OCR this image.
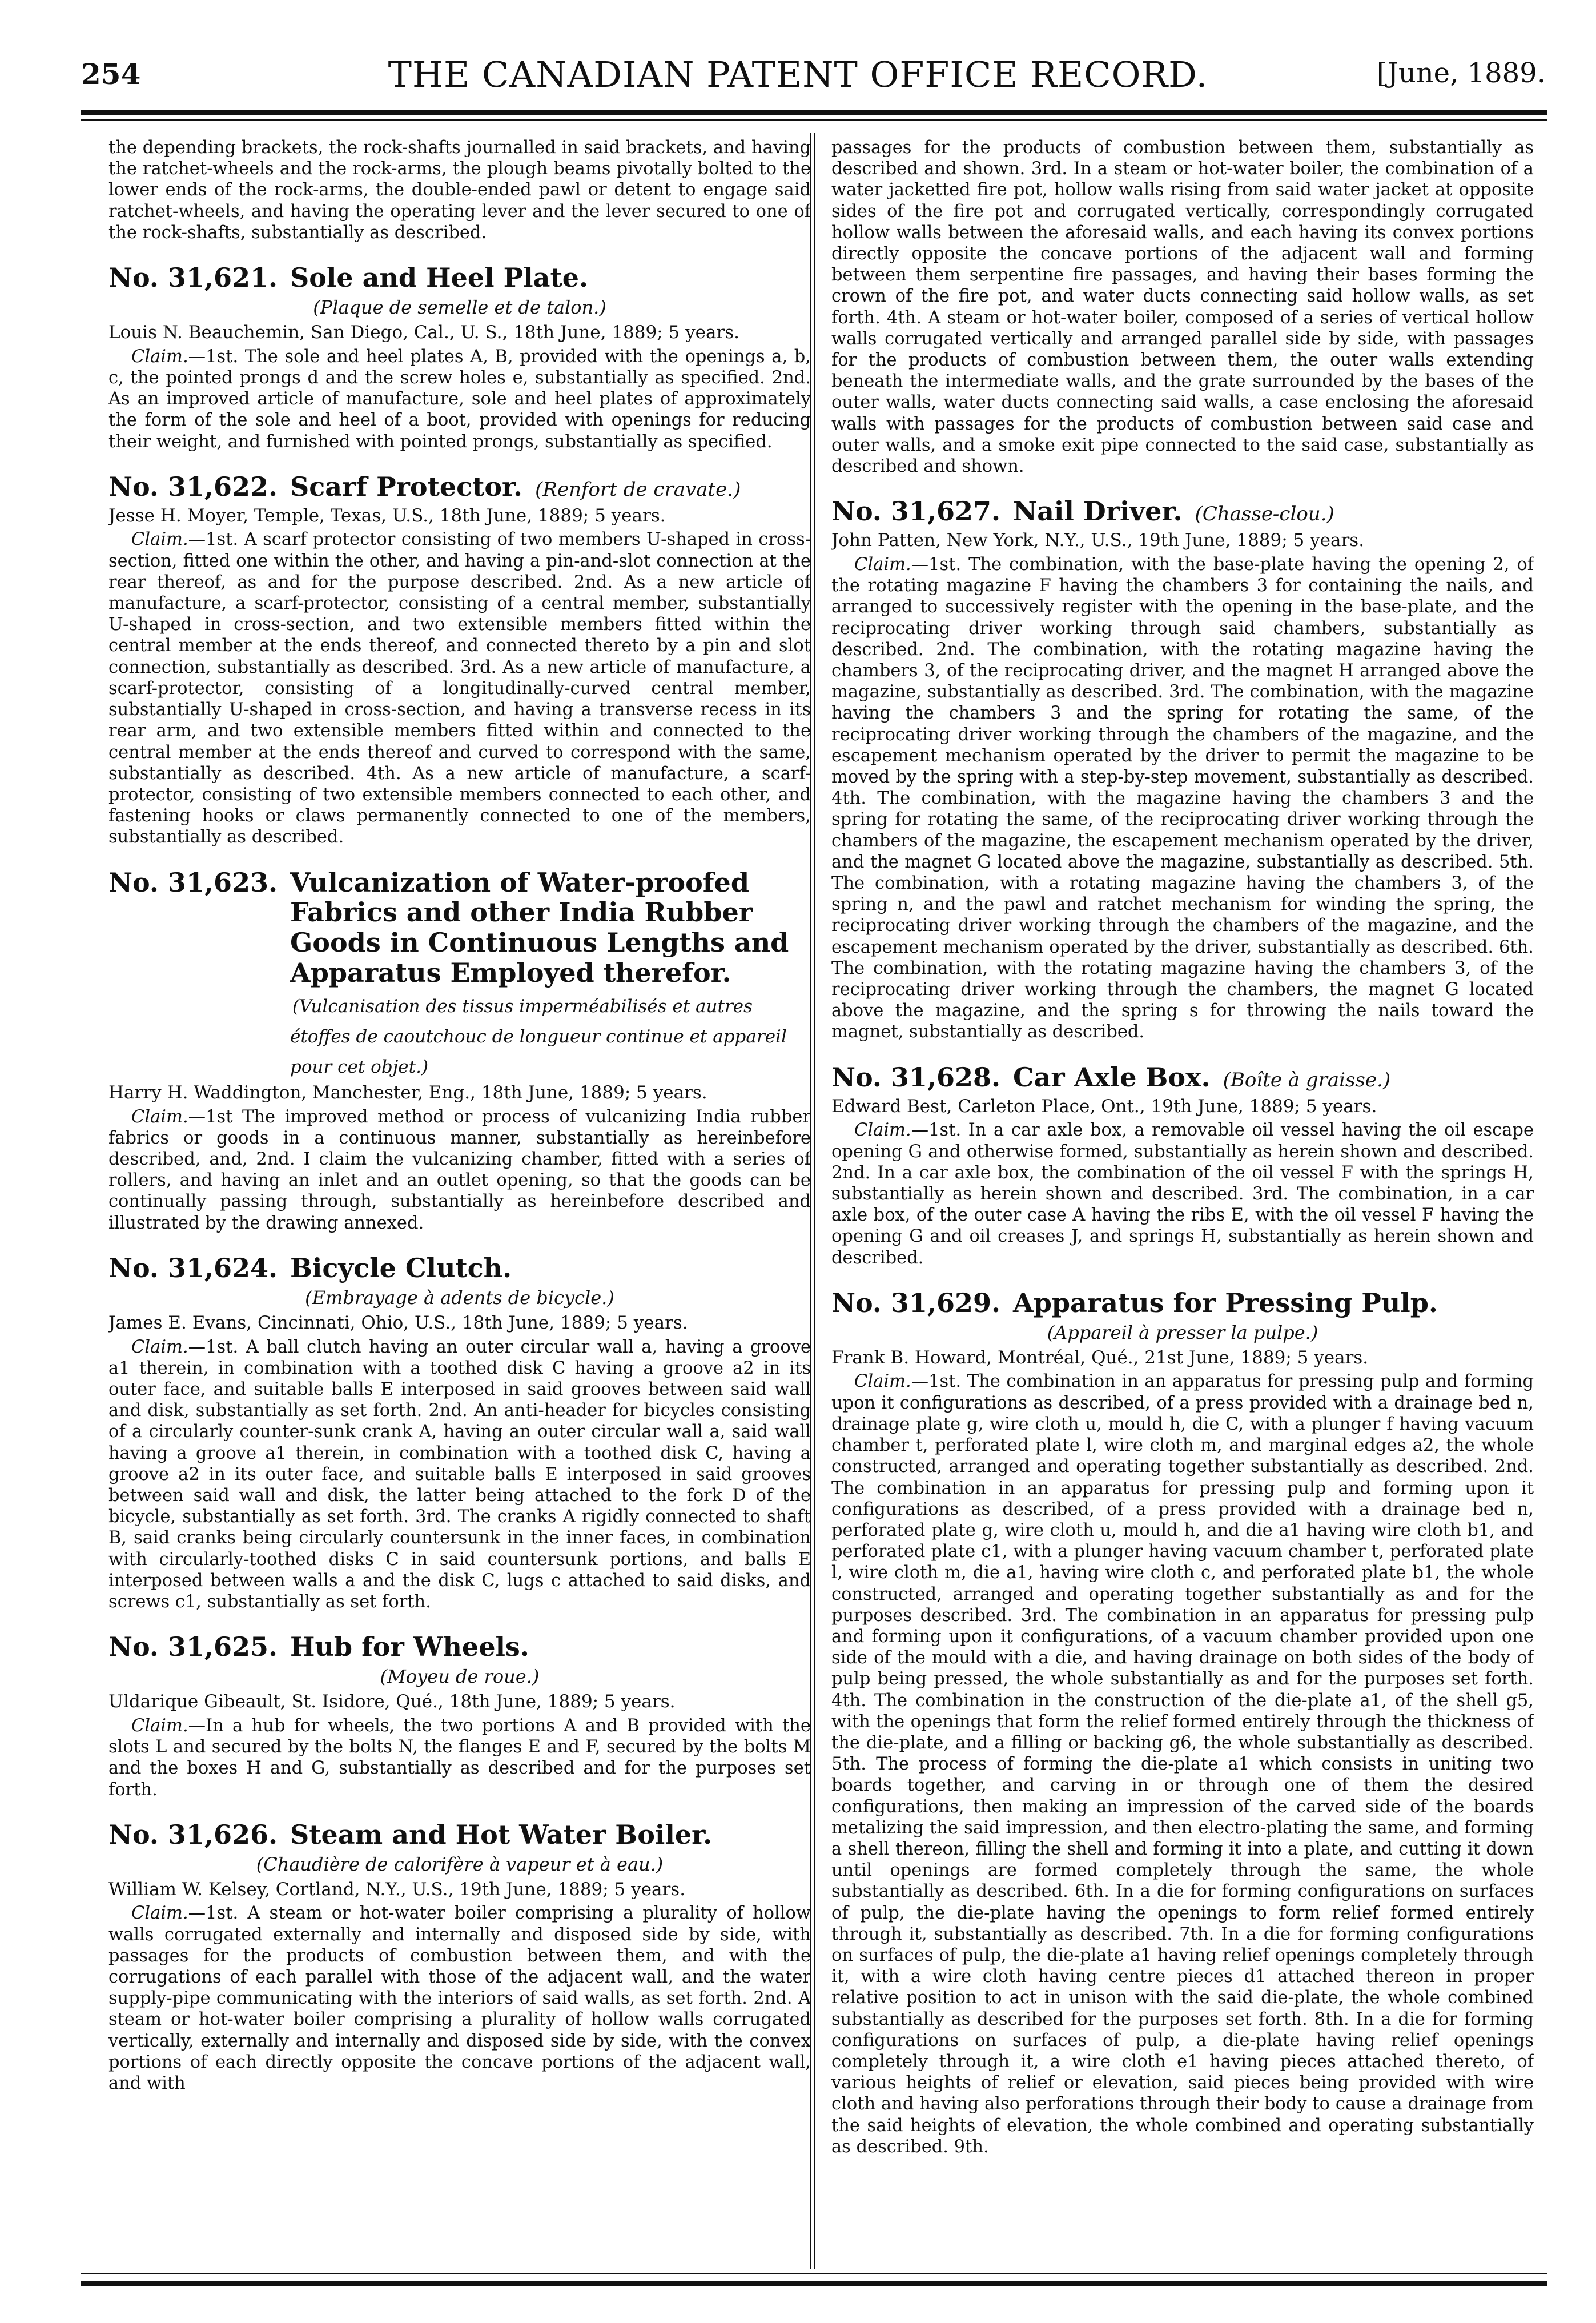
254	THE CANADIAN PATENT OFFICE RECORD.	[June, 1889.

the depending brackets, the rock-shafts journalled in said brackets, and having the ratchet-wheels and the rock-arms, the plough beams pivotally bolted to the lower ends of the rock-arms, the double-ended pawl or detent to engage said ratchet-wheels, and having the operating lever and the lever secured to one of the rock-shafts, substantially as described.

No. 31,621. Sole and Heel Plate.
(Plaque de semelle et de talon.)

Louis N. Beauchemin, San Diego, Cal., U. S., 18th June, 1889; 5 years.

Claim.—1st. The sole and heel plates A, B, provided with the openings a, b, c, the pointed prongs d and the screw holes e, substantially as specified. 2nd. As an improved article of manufacture, sole and heel plates of approximately the form of the sole and heel of a boot, provided with openings for reducing their weight, and furnished with pointed prongs, substantially as specified.

No. 31,622. Scarf Protector. (Renfort de cravate.)

Jesse H. Moyer, Temple, Texas, U.S., 18th June, 1889; 5 years.

Claim.—1st. A scarf protector consisting of two members U-shaped in cross-section, fitted one within the other, and having a pin-and-slot connection at the rear thereof, as and for the purpose described. 2nd. As a new article of manufacture, a scarf-protector, consisting of a central member, substantially U-shaped in cross-section, and two extensible members fitted within the central member at the ends thereof, and connected thereto by a pin and slot connection, substantially as described. 3rd. As a new article of manufacture, a scarf-protector, consisting of a longitudinally-curved central member, substantially U-shaped in cross-section, and having a transverse recess in its rear arm, and two extensible members fitted within and connected to the central member at the ends thereof and curved to correspond with the same, substantially as described. 4th. As a new article of manufacture, a scarf-protector, consisting of two extensible members connected to each other, and fastening hooks or claws permanently connected to one of the members, substantially as described.

No. 31,623. Vulcanization of Water-proofed Fabrics and other India Rubber Goods in Continuous Lengths and Apparatus Employed therefor. (Vulcanisation des tissus imperméabilisés et autres étoffes de caoutchouc de longueur continue et appareil pour cet objet.)

Harry H. Waddington, Manchester, Eng., 18th June, 1889; 5 years.

Claim.—1st The improved method or process of vulcanizing India rubber fabrics or goods in a continuous manner, substantially as hereinbefore described, and, 2nd. I claim the vulcanizing chamber, fitted with a series of rollers, and having an inlet and an outlet opening, so that the goods can be continually passing through, substantially as hereinbefore described and illustrated by the drawing annexed.

No. 31,624. Bicycle Clutch.
(Embrayage à adents de bicycle.)

James E. Evans, Cincinnati, Ohio, U.S., 18th June, 1889; 5 years.

Claim.—1st. A ball clutch having an outer circular wall a, having a groove a1 therein, in combination with a toothed disk C having a groove a2 in its outer face, and suitable balls E interposed in said grooves between said wall and disk, substantially as set forth. 2nd. An anti-header for bicycles consisting of a circularly counter-sunk crank A, having an outer circular wall a, said wall having a groove a1 therein, in combination with a toothed disk C, having a groove a2 in its outer face, and suitable balls E interposed in said grooves between said wall and disk, the latter being attached to the fork D of the bicycle, substantially as set forth. 3rd. The cranks A rigidly connected to shaft B, said cranks being circularly countersunk in the inner faces, in combination with circularly-toothed disks C in said countersunk portions, and balls E interposed between walls a and the disk C, lugs c attached to said disks, and screws c1, substantially as set forth.

No. 31,625. Hub for Wheels.
(Moyeu de roue.)

Uldarique Gibeault, St. Isidore, Qué., 18th June, 1889; 5 years.

Claim.—In a hub for wheels, the two portions A and B provided with the slots L and secured by the bolts N, the flanges E and F, secured by the bolts M and the boxes H and G, substantially as described and for the purposes set forth.

No. 31,626. Steam and Hot Water Boiler.
(Chaudière de calorifère à vapeur et à eau.)

William W. Kelsey, Cortland, N.Y., U.S., 19th June, 1889; 5 years.

Claim.—1st. A steam or hot-water boiler comprising a plurality of hollow walls corrugated externally and internally and disposed side by side, with passages for the products of combustion between them, and with the corrugations of each parallel with those of the adjacent wall, and the water supply-pipe communicating with the interiors of said walls, as set forth. 2nd. A steam or hot-water boiler comprising a plurality of hollow walls corrugated vertically, externally and internally and disposed side by side, with the convex portions of each directly opposite the concave portions of the adjacent wall, and with

passages for the products of combustion between them, substantially as described and shown. 3rd. In a steam or hot-water boiler, the combination of a water jacketted fire pot, hollow walls rising from said water jacket at opposite sides of the fire pot and corrugated vertically, correspondingly corrugated hollow walls between the aforesaid walls, and each having its convex portions directly opposite the concave portions of the adjacent wall and forming between them serpentine fire passages, and having their bases forming the crown of the fire pot, and water ducts connecting said hollow walls, as set forth. 4th. A steam or hot-water boiler, composed of a series of vertical hollow walls corrugated vertically and arranged parallel side by side, with passages for the products of combustion between them, the outer walls extending beneath the intermediate walls, and the grate surrounded by the bases of the outer walls, water ducts connecting said walls, a case enclosing the aforesaid walls with passages for the products of combustion between said case and outer walls, and a smoke exit pipe connected to the said case, substantially as described and shown.

No. 31,627. Nail Driver. (Chasse-clou.)

John Patten, New York, N.Y., U.S., 19th June, 1889; 5 years.

Claim.—1st. The combination, with the base-plate having the opening 2, of the rotating magazine F having the chambers 3 for containing the nails, and arranged to successively register with the opening in the base-plate, and the reciprocating driver working through said chambers, substantially as described. 2nd. The combination, with the rotating magazine having the chambers 3, of the reciprocating driver, and the magnet H arranged above the magazine, substantially as described. 3rd. The combination, with the magazine having the chambers 3 and the spring for rotating the same, of the reciprocating driver working through the chambers of the magazine, and the escapement mechanism operated by the driver to permit the magazine to be moved by the spring with a step-by-step movement, substantially as described. 4th. The combination, with the magazine having the chambers 3 and the spring for rotating the same, of the reciprocating driver working through the chambers of the magazine, the escapement mechanism operated by the driver, and the magnet G located above the magazine, substantially as described. 5th. The combination, with a rotating magazine having the chambers 3, of the spring n, and the pawl and ratchet mechanism for winding the spring, the reciprocating driver working through the chambers of the magazine, and the escapement mechanism operated by the driver, substantially as described. 6th. The combination, with the rotating magazine having the chambers 3, of the reciprocating driver working through the chambers, the magnet G located above the magazine, and the spring s for throwing the nails toward the magnet, substantially as described.

No. 31,628. Car Axle Box. (Boîte à graisse.)

Edward Best, Carleton Place, Ont., 19th June, 1889; 5 years.

Claim.—1st. In a car axle box, a removable oil vessel having the oil escape opening G and otherwise formed, substantially as herein shown and described. 2nd. In a car axle box, the combination of the oil vessel F with the springs H, substantially as herein shown and described. 3rd. The combination, in a car axle box, of the outer case A having the ribs E, with the oil vessel F having the opening G and oil creases J, and springs H, substantially as herein shown and described.

No. 31,629. Apparatus for Pressing Pulp.
(Appareil à presser la pulpe.)

Frank B. Howard, Montréal, Qué., 21st June, 1889; 5 years.

Claim.—1st. The combination in an apparatus for pressing pulp and forming upon it configurations as described, of a press provided with a drainage bed n, drainage plate g, wire cloth u, mould h, die C, with a plunger f having vacuum chamber t, perforated plate l, wire cloth m, and marginal edges a2, the whole constructed, arranged and operating together substantially as described. 2nd. The combination in an apparatus for pressing pulp and forming upon it configurations as described, of a press provided with a drainage bed n, perforated plate g, wire cloth u, mould h, and die a1 having wire cloth b1, and perforated plate c1, with a plunger having vacuum chamber t, perforated plate l, wire cloth m, die a1, having wire cloth c, and perforated plate b1, the whole constructed, arranged and operating together substantially as and for the purposes described. 3rd. The combination in an apparatus for pressing pulp and forming upon it configurations, of a vacuum chamber provided upon one side of the mould with a die, and having drainage on both sides of the body of pulp being pressed, the whole substantially as and for the purposes set forth. 4th. The combination in the construction of the die-plate a1, of the shell g5, with the openings that form the relief formed entirely through the thickness of the die-plate, and a filling or backing g6, the whole substantially as described. 5th. The process of forming the die-plate a1 which consists in uniting two boards together, and carving in or through one of them the desired configurations, then making an impression of the carved side of the boards metalizing the said impression, and then electro-plating the same, and forming a shell thereon, filling the shell and forming it into a plate, and cutting it down until openings are formed completely through the same, the whole substantially as described. 6th. In a die for forming configurations on surfaces of pulp, the die-plate having the openings to form relief formed entirely through it, substantially as described. 7th. In a die for forming configurations on surfaces of pulp, the die-plate a1 having relief openings completely through it, with a wire cloth having centre pieces d1 attached thereon in proper relative position to act in unison with the said die-plate, the whole combined substantially as described for the purposes set forth. 8th. In a die for forming configurations on surfaces of pulp, a die-plate having relief openings completely through it, a wire cloth e1 having pieces attached thereto, of various heights of relief or elevation, said pieces being provided with wire cloth and having also perforations through their body to cause a drainage from the said heights of elevation, the whole combined and operating substantially as described. 9th.
